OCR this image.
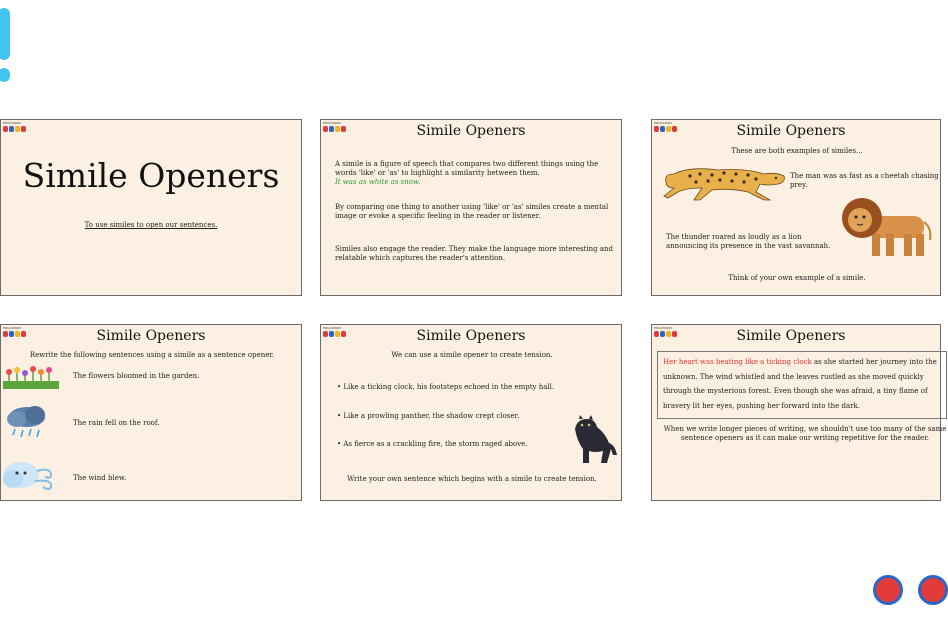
EDUCATION
Simile Openers
To use similes to open our sentences.
· · · · ·
EDUCATION	Simile Openers
A simile is a figure of speech that compares two different things using the words 'like' or 'as' to highlight a similarity between them.
It was as white as snow.
By comparing one thing to another using 'like' or 'as' similes create a mental image or evoke a specific feeling in the reader or listener.
Similes also engage the reader. They make the language more interesting and relatable which captures the reader's attention.
· · · · ·
EDUCATION	Simile Openers
These are both examples of similes...
The man was as fast as a cheetah chasing prey.
The thunder roared as loudly as a lion announcing its presence in the vast savannah.
Think of your own example of a simile.
· · · · ·
EDUCATION	Simile Openers
Rewrite the following sentences using a simile as a sentence opener.
The flowers bloomed in the garden.
The rain fell on the roof.
The wind blew.
· · · · ·
EDUCATION	Simile Openers
We can use a simile opener to create tension.
• Like a ticking clock, his footsteps echoed in the empty hall.
• Like a prowling panther, the shadow crept closer.
• As fierce as a crackling fire, the storm raged above.
Write your own sentence which begins with a simile to create tension.
· · · · ·
EDUCATION	Simile Openers
Her heart was beating like a ticking clock as she started her journey into the unknown. The wind whistled and the leaves rustled as she moved quickly through the mysterious forest. Even though she was afraid, a tiny flame of bravery lit her eyes, pushing her forward into the dark.
When we write longer pieces of writing, we shouldn't use too many of the same sentence openers as it can make our writing repetitive for the reader.
· · · · ·
